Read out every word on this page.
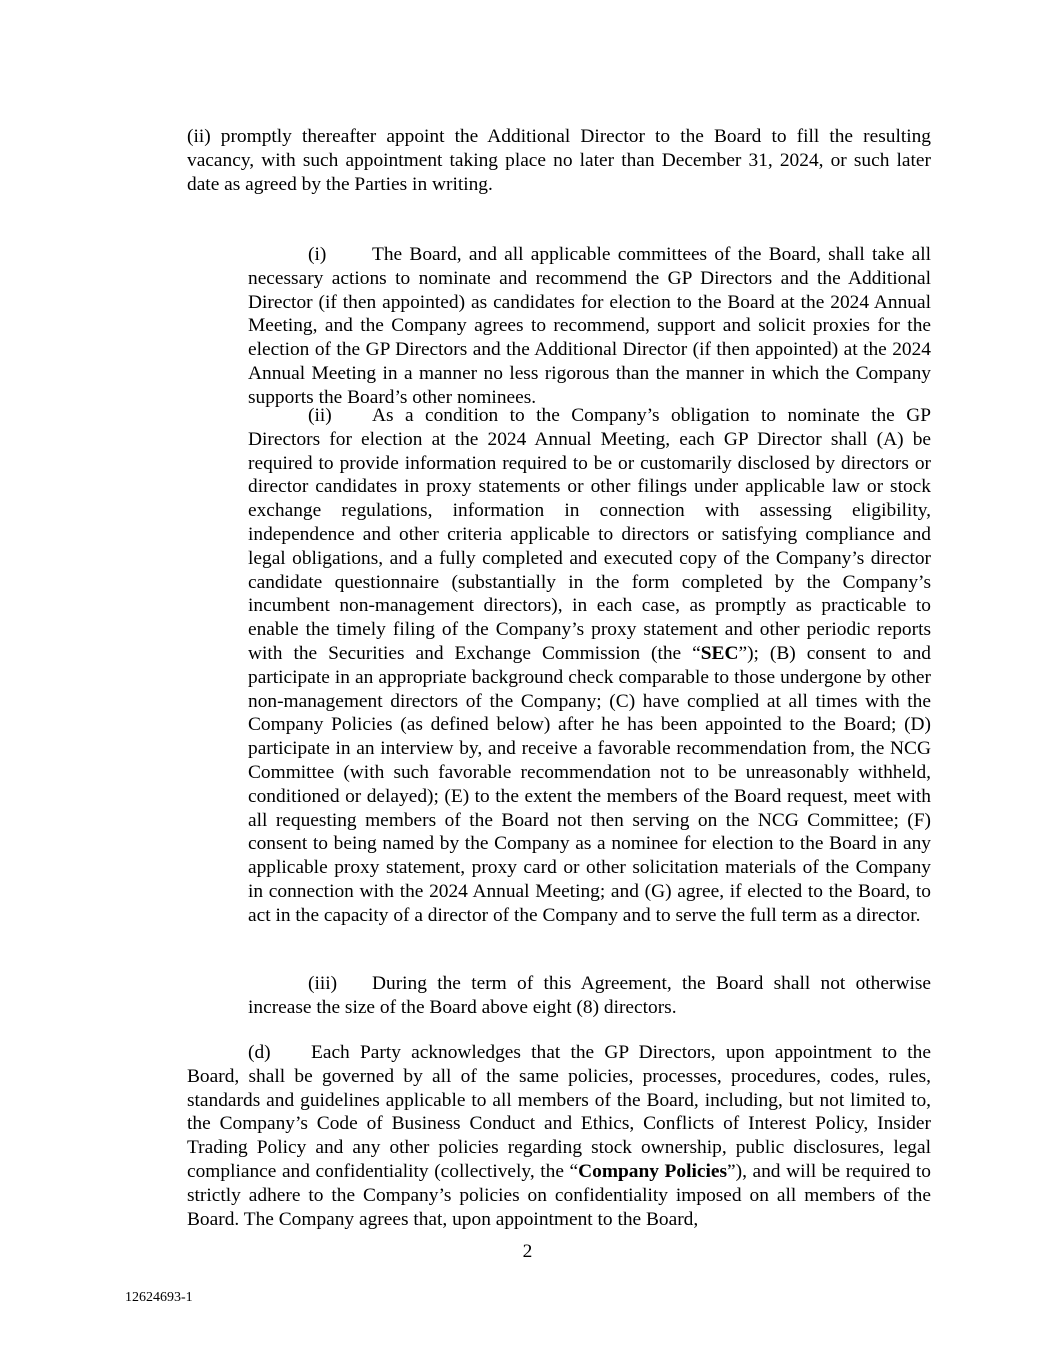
(ii) promptly thereafter appoint the Additional Director to the Board to fill the resulting vacancy, with such appointment taking place no later than December 31, 2024, or such later date as agreed by the Parties in writing.

(i) The Board, and all applicable committees of the Board, shall take all necessary actions to nominate and recommend the GP Directors and the Additional Director (if then appointed) as candidates for election to the Board at the 2024 Annual Meeting, and the Company agrees to recommend, support and solicit proxies for the election of the GP Directors and the Additional Director (if then appointed) at the 2024 Annual Meeting in a manner no less rigorous than the manner in which the Company supports the Board’s other nominees.

(ii) As a condition to the Company’s obligation to nominate the GP Directors for election at the 2024 Annual Meeting, each GP Director shall (A) be required to provide information required to be or customarily disclosed by directors or director candidates in proxy statements or other filings under applicable law or stock exchange regulations, information in connection with assessing eligibility, independence and other criteria applicable to directors or satisfying compliance and legal obligations, and a fully completed and executed copy of the Company’s director candidate questionnaire (substantially in the form completed by the Company’s incumbent non-management directors), in each case, as promptly as practicable to enable the timely filing of the Company’s proxy statement and other periodic reports with the Securities and Exchange Commission (the “SEC”); (B) consent to and participate in an appropriate background check comparable to those undergone by other non-management directors of the Company; (C) have complied at all times with the Company Policies (as defined below) after he has been appointed to the Board; (D) participate in an interview by, and receive a favorable recommendation from, the NCG Committee (with such favorable recommendation not to be unreasonably withheld, conditioned or delayed); (E) to the extent the members of the Board request, meet with all requesting members of the Board not then serving on the NCG Committee; (F) consent to being named by the Company as a nominee for election to the Board in any applicable proxy statement, proxy card or other solicitation materials of the Company in connection with the 2024 Annual Meeting; and (G) agree, if elected to the Board, to act in the capacity of a director of the Company and to serve the full term as a director.

(iii) During the term of this Agreement, the Board shall not otherwise increase the size of the Board above eight (8) directors.

(d) Each Party acknowledges that the GP Directors, upon appointment to the Board, shall be governed by all of the same policies, processes, procedures, codes, rules, standards and guidelines applicable to all members of the Board, including, but not limited to, the Company’s Code of Business Conduct and Ethics, Conflicts of Interest Policy, Insider Trading Policy and any other policies regarding stock ownership, public disclosures, legal compliance and confidentiality (collectively, the “Company Policies”), and will be required to strictly adhere to the Company’s policies on confidentiality imposed on all members of the Board. The Company agrees that, upon appointment to the Board,

2
12624693-1
